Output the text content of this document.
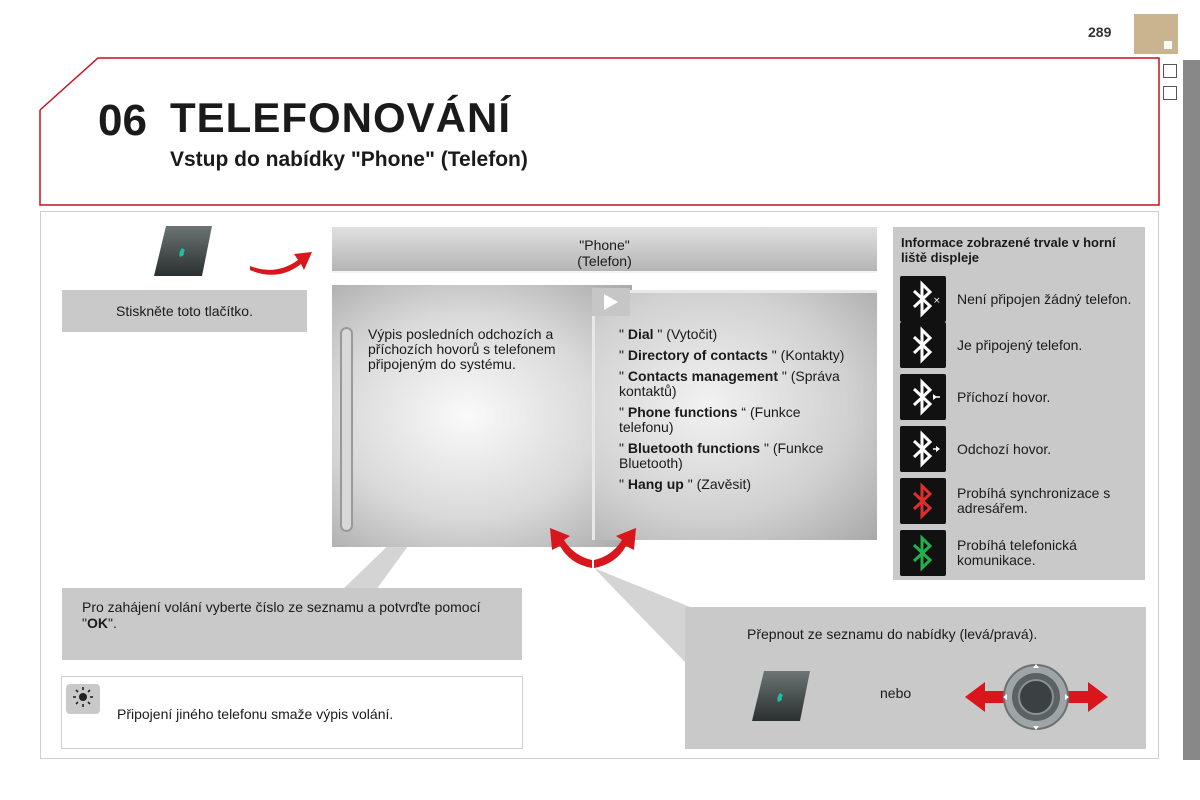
289
06 TELEFONOVÁNÍ
Vstup do nabídky "Phone" (Telefon)
Stiskněte toto tlačítko.
"Phone"
(Telefon)
Výpis posledních odchozích a příchozích hovorů s telefonem připojeným do systému.
" Dial " (Vytočit)
" Directory of contacts " (Kontakty)
" Contacts management " (Správa kontaktů)
" Phone functions “ (Funkce telefonu)
" Bluetooth functions " (Funkce Bluetooth)
" Hang up " (Zavěsit)
Informace zobrazené trvale v horní liště displeje
× Není připojen žádný telefon.
Je připojený telefon.
Příchozí hovor.
Odchozí hovor.
Probíhá synchronizace s adresářem.
Probíhá telefonická komunikace.
Pro zahájení volání vyberte číslo ze seznamu a potvrďte pomocí "OK".
Připojení jiného telefonu smaže výpis volání.
Přepnout ze seznamu do nabídky (levá/pravá).
nebo
